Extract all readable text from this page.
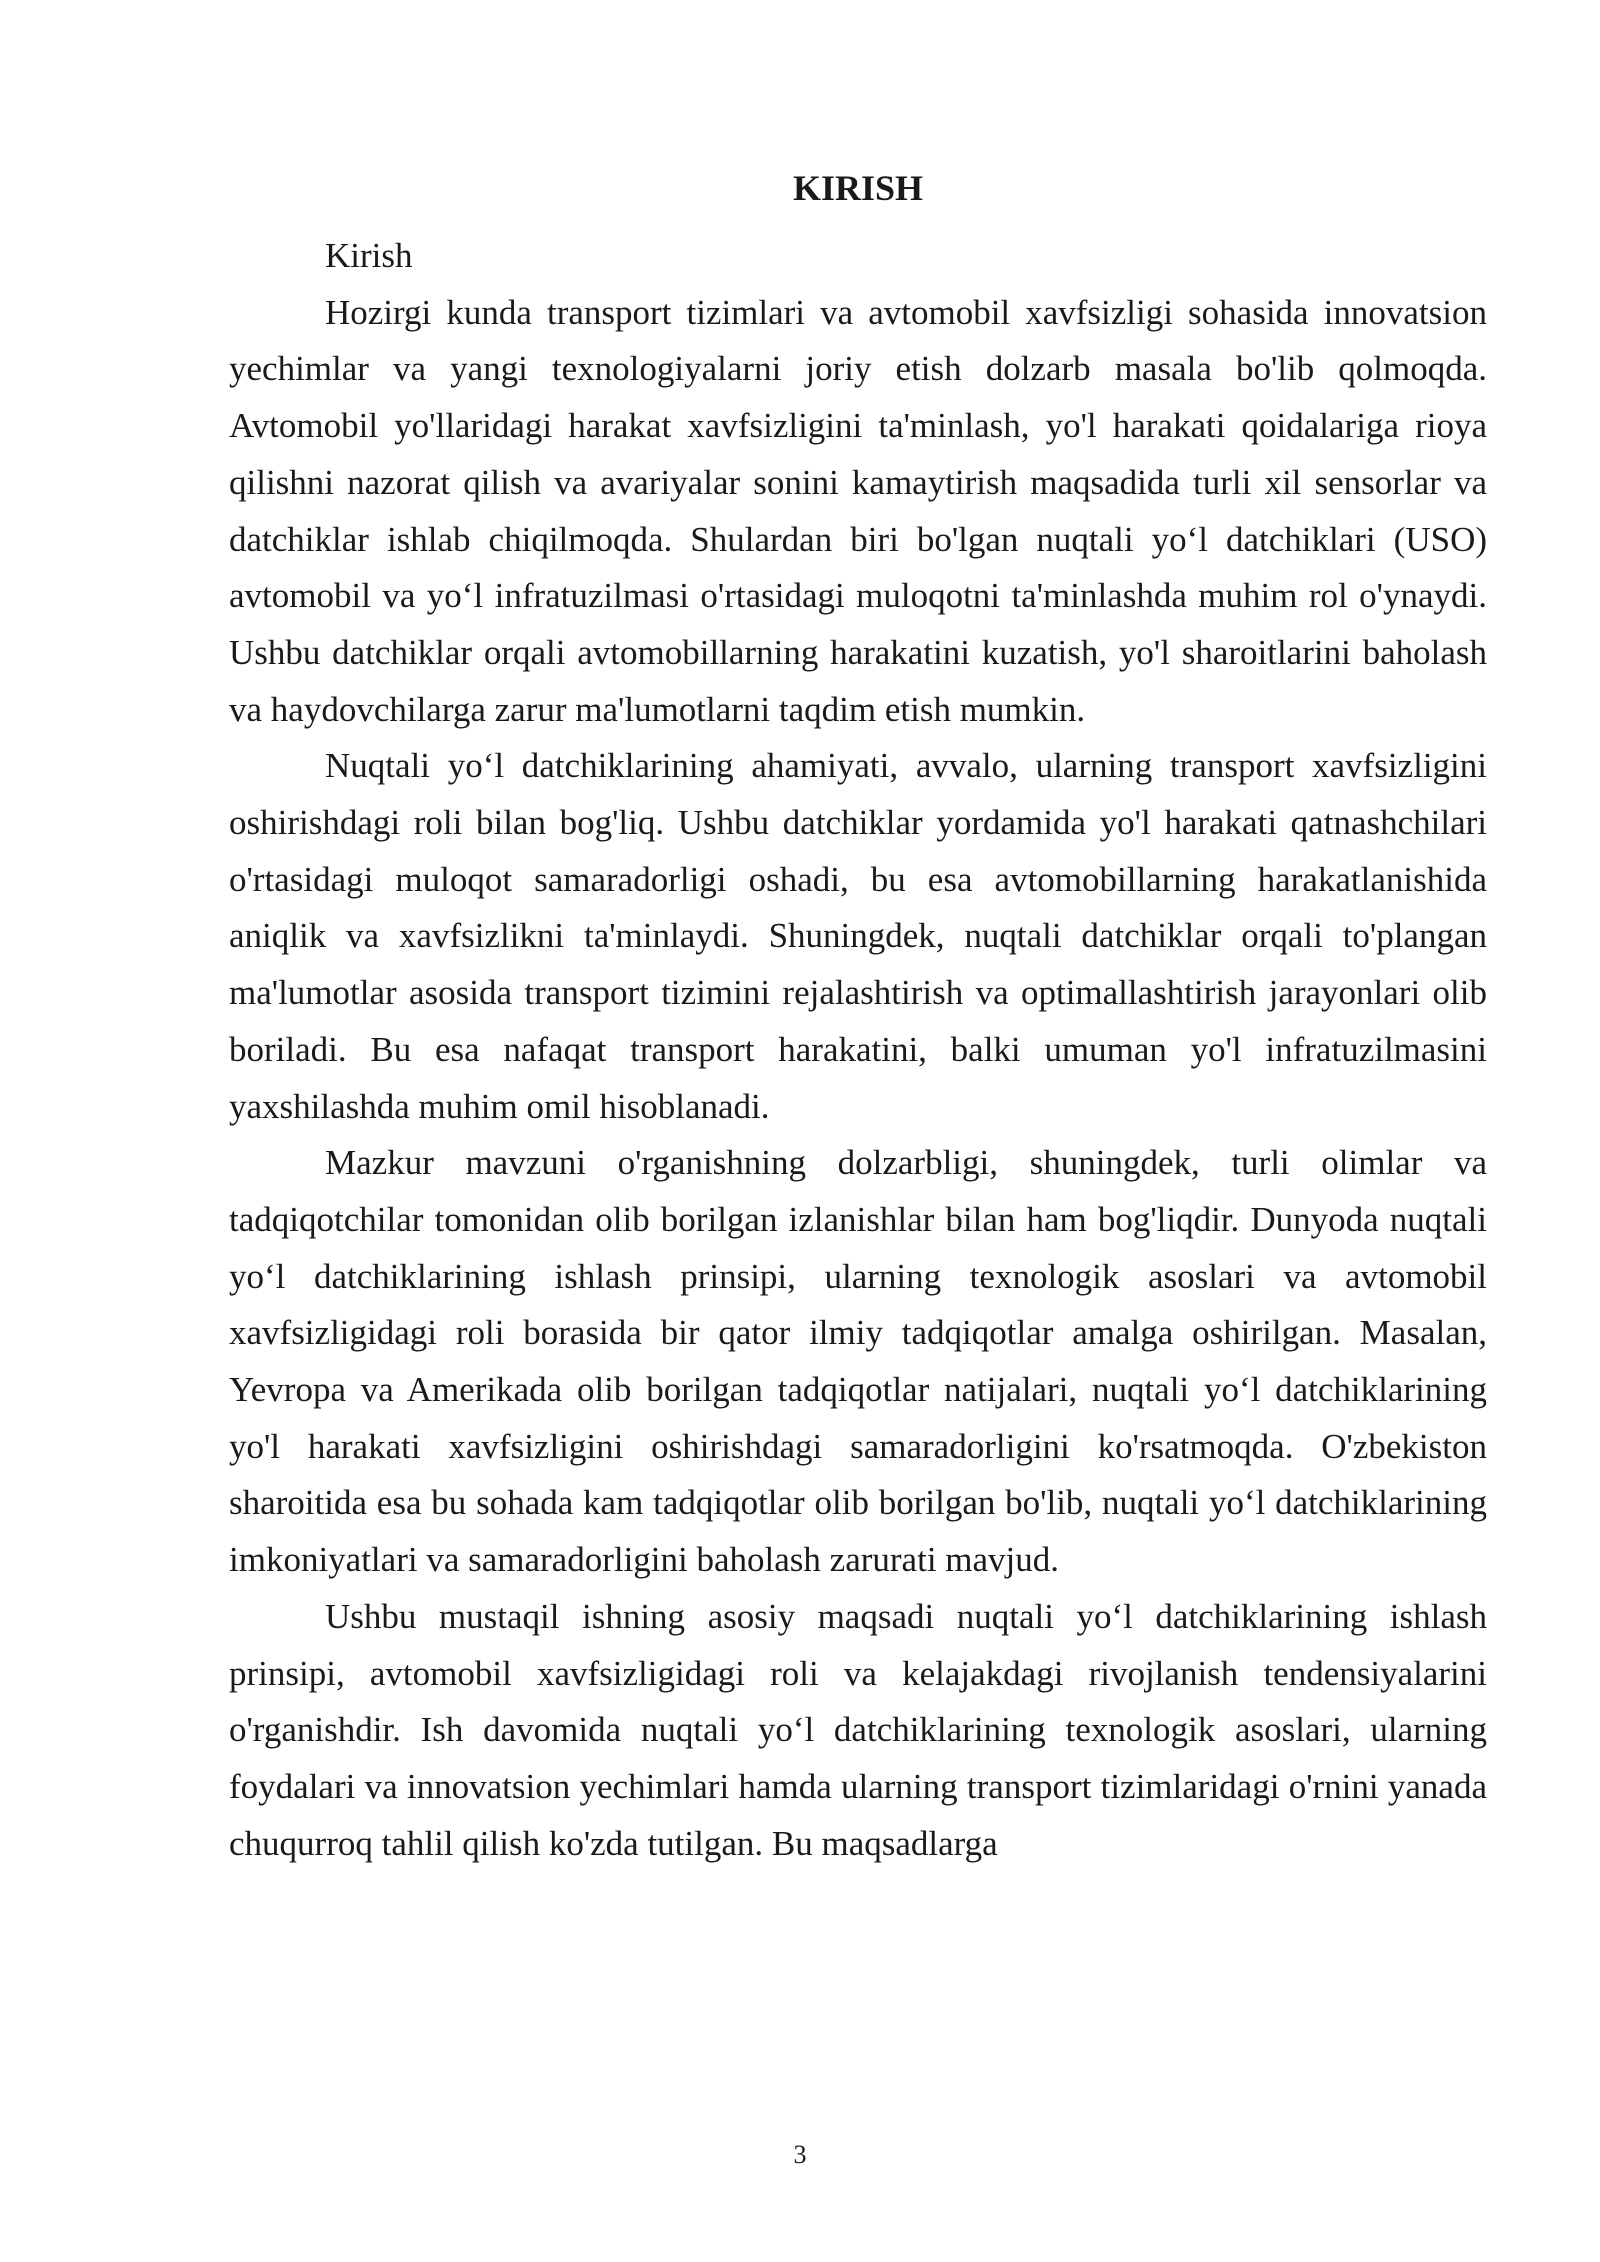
KIRISH

Kirish

Hozirgi kunda transport tizimlari va avtomobil xavfsizligi sohasida innovatsion yechimlar va yangi texnologiyalarni joriy etish dolzarb masala bo'lib qolmoqda. Avtomobil yo'llaridagi harakat xavfsizligini ta'minlash, yo'l harakati qoidalariga rioya qilishni nazorat qilish va avariyalar sonini kamaytirish maqsadida turli xil sensorlar va datchiklar ishlab chiqilmoqda. Shulardan biri bo'lgan nuqtali yo‘l datchiklari (USO) avtomobil va yo‘l infratuzilmasi o'rtasidagi muloqotni ta'minlashda muhim rol o'ynaydi. Ushbu datchiklar orqali avtomobillarning harakatini kuzatish, yo'l sharoitlarini baholash va haydovchilarga zarur ma'lumotlarni taqdim etish mumkin.

Nuqtali yo‘l datchiklarining ahamiyati, avvalo, ularning transport xavfsizligini oshirishdagi roli bilan bog'liq. Ushbu datchiklar yordamida yo'l harakati qatnashchilari o'rtasidagi muloqot samaradorligi oshadi, bu esa avtomobillarning harakatlanishida aniqlik va xavfsizlikni ta'minlaydi. Shuningdek, nuqtali datchiklar orqali to'plangan ma'lumotlar asosida transport tizimini rejalashtirish va optimallashtirish jarayonlari olib boriladi. Bu esa nafaqat transport harakatini, balki umuman yo'l infratuzilmasini yaxshilashda muhim omil hisoblanadi.

Mazkur mavzuni o'rganishning dolzarbligi, shuningdek, turli olimlar va tadqiqotchilar tomonidan olib borilgan izlanishlar bilan ham bog'liqdir. Dunyoda nuqtali yo‘l datchiklarining ishlash prinsipi, ularning texnologik asoslari va avtomobil xavfsizligidagi roli borasida bir qator ilmiy tadqiqotlar amalga oshirilgan. Masalan, Yevropa va Amerikada olib borilgan tadqiqotlar natijalari, nuqtali yo‘l datchiklarining yo'l harakati xavfsizligini oshirishdagi samaradorligini ko'rsatmoqda. O'zbekiston sharoitida esa bu sohada kam tadqiqotlar olib borilgan bo'lib, nuqtali yo‘l datchiklarining imkoniyatlari va samaradorligini baholash zarurati mavjud.

Ushbu mustaqil ishning asosiy maqsadi nuqtali yo‘l datchiklarining ishlash prinsipi, avtomobil xavfsizligidagi roli va kelajakdagi rivojlanish tendensiyalarini o'rganishdir. Ish davomida nuqtali yo‘l datchiklarining texnologik asoslari, ularning foydalari va innovatsion yechimlari hamda ularning transport tizimlaridagi o'rnini yanada chuqurroq tahlil qilish ko'zda tutilgan. Bu maqsadlarga

3
